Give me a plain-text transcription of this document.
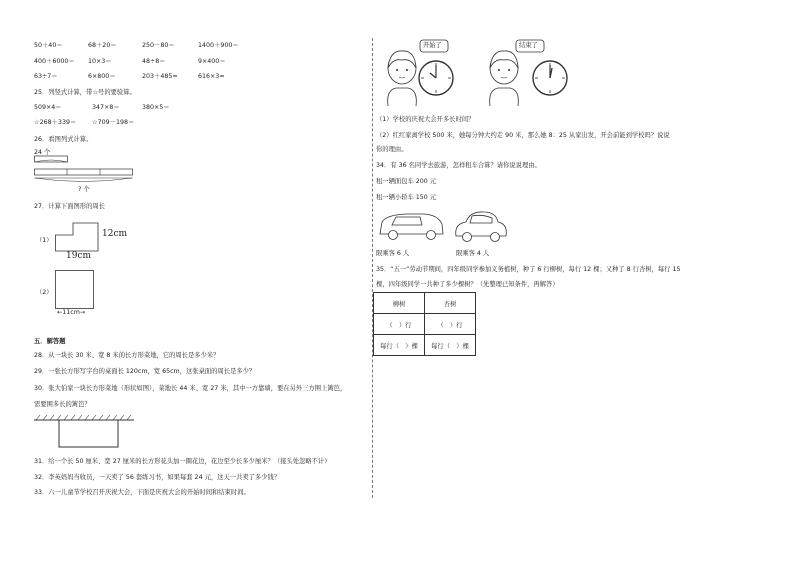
50＋40＝	68＋20＝	250－80＝	1400＋900＝
400＋6000＝ 10×3＝	48÷8＝	9×400＝
63÷7＝	6×800＝	203＋485≈	616×3≈
25．列竖式计算，带☆号的要验算。
509×4＝	347×8＝	380×5＝
☆268＋339＝ ☆709－198＝
26．看图列式计算。
24 个
? 个
27．计算下面图形的周长
（1）
12cm
19cm
（2）
←11cm→
五．解答题
28．从一块长 30 米、宽 8 米的长方形菜地，它的周长是多少米？
29．一张长方形写字台的桌面长 120cm，宽 65cm，这张桌面的周长是多少？
30．张大伯家一块长方形菜地（形状如图），菜地长 44 米、宽 27 米，其中一方靠墙，要在另外三方围上篱笆，
需要围多长的篱笆？
31．给一个长 50 厘米、宽 27 厘米的长方形花头加一圈花边，花边至少长多少厘米？（接头处忽略不计）
32．李英妈妈当收员，一天卖了 56 套练习书，如果每套 24 元，这天一共卖了多少钱？
33．六一儿童节学校召开庆祝大会，下面是庆祝大会的开始时间和结束时间。
开始了	结束了
（1）学校的庆祝大会开多长时间？
（2）红红家离学校 500 米，她每分钟大约走 90 米，那么她 8：25 从家出发，开会前能到学校吗？说说
你的理由。
34．有 36 名同学去旅游，怎样租车合算？请你说说理由。
租一辆面包车 200 元
租一辆小轿车 150 元
限乘客 6 人	限乘客 4 人
35．“五一”劳动节期间，四年级同学参加义务植树，种了 6 行柳树，每行 12 棵；又种了 8 行杏树，每行 15
棵，四年级同学一共种了多少棵树？（先整理已知条件，再解答）
柳树	杏树
（　）行	（　）行
每行（　）棵	每行（　）棵
